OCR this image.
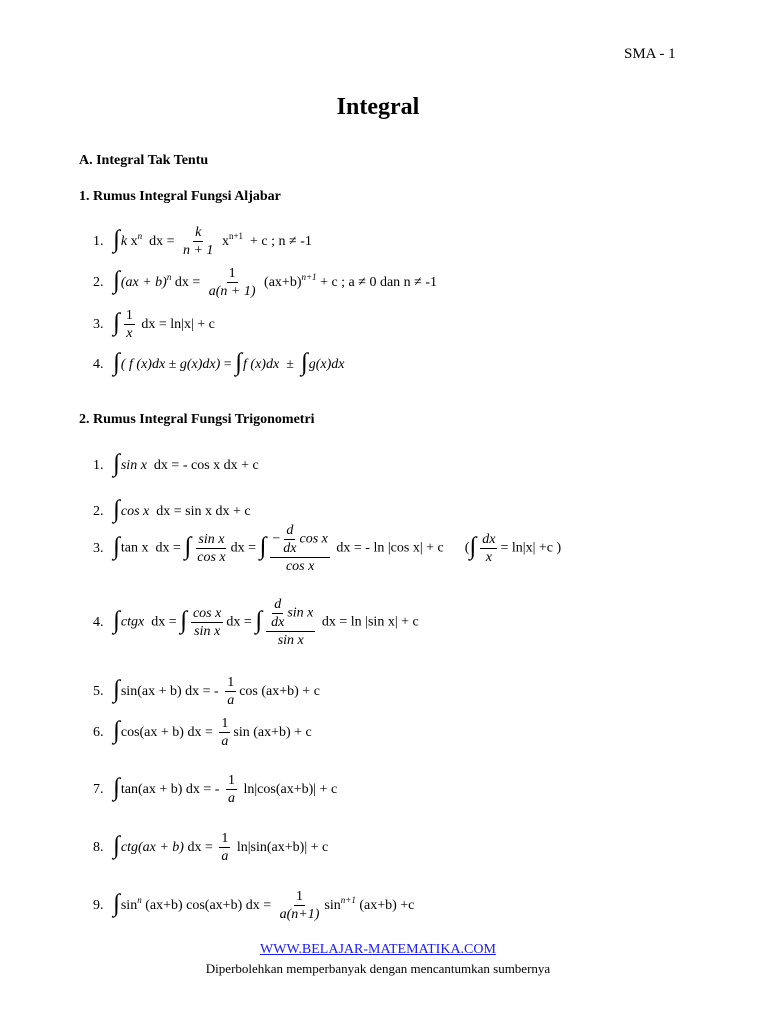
SMA - 1
Integral
A. Integral Tak Tentu
1. Rumus Integral Fungsi Aljabar
1. ∫k $x^n$ dx = $\frac{k}{n + 1} x^{n+1} + c$ ; n ≠ -1
2. ∫(ax + b)$^n$ dx = $\frac{1}{a(n + 1)} (ax+b)^{n+1} + c$ ; a ≠ 0 dan n ≠ -1
3. ∫ $\frac{1}{x}$ dx = ln|x| + c
4. ∫( f (x)dx ± g(x)dx) = ∫f (x)dx ± ∫g(x)dx
2. Rumus Integral Fungsi Trigonometri
1. ∫sin x dx = - cos x dx + c
2. ∫cos x dx = sin x dx + c
3. ∫tan x dx = ∫ $\frac{\text{sin x}}{\text{cos x}}$ dx = ∫ $\frac{- \frac{d}{dx} \cos x}{\text{cos x}}$ dx = - ln |cos x| + c (∫ $\frac{dx}{x} = \ln|x| +c$ )
4. ∫ctgx dx = ∫ $\frac{\text{cos x}}{\text{sin x}}$ dx = ∫ $\frac{\frac{d}{dx} \sin x}{\text{sin x}}$ dx = ln |sin x| + c
5. ∫sin(ax + b) dx = - $\frac{1}{a}$ cos (ax+b) + c
6. ∫cos(ax + b) dx = $\frac{1}{a}$ sin (ax+b) + c
7. ∫tan(ax + b) dx = - $\frac{1}{a} \ln|\cos(ax+b)| + c$
8. ∫ctg(ax + b) dx = $\frac{1}{a} \ln|\sin(ax+b)| + c$
9. $\int\sin^n$ (ax+b) cos(ax+b) dx = $\frac{1}{a(n+1)} \sin^{n+1} (ax+b) +c$
WWW.BELAJAR-MATEMATIKA.COM
Diperbolehkan memperbanyak dengan mencantumkan sumbernya
